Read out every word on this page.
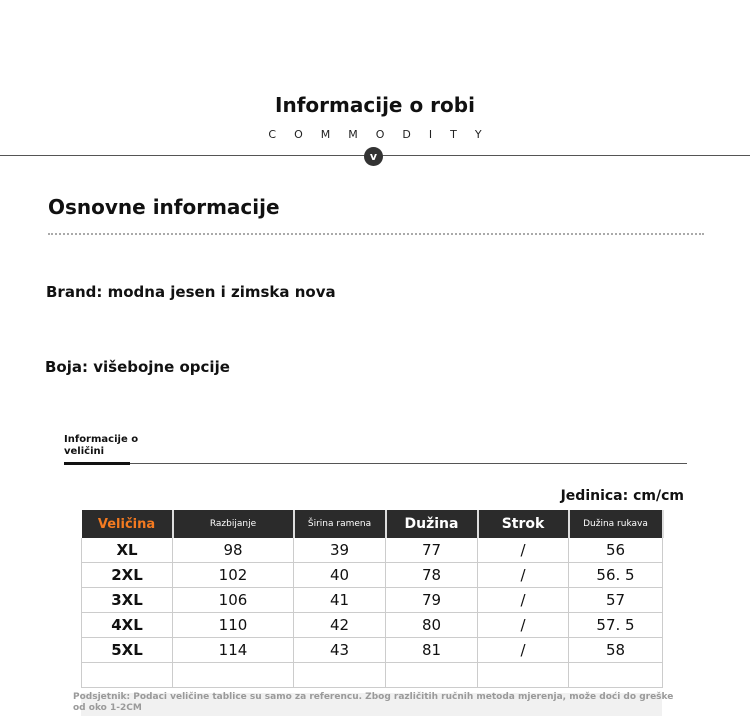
Informacije o robi
COMMODITY
v
Osnovne informacije
Brand: modna jesen i zimska nova
Boja: višebojne opcije
Informacije o
veličini
Jedinica: cm/cm
Veličina	Razbijanje	Širina ramena	Dužina	Strok	Dužina rukava
XL	98	39	77	/	56
2XL	102	40	78	/	56. 5
3XL	106	41	79	/	57
4XL	110	42	80	/	57. 5
5XL	114	43	81	/	58

Podsjetnik: Podaci veličine tablice su samo za referencu. Zbog različitih ručnih metoda mjerenja, može doći do greške od oko 1-2CM
